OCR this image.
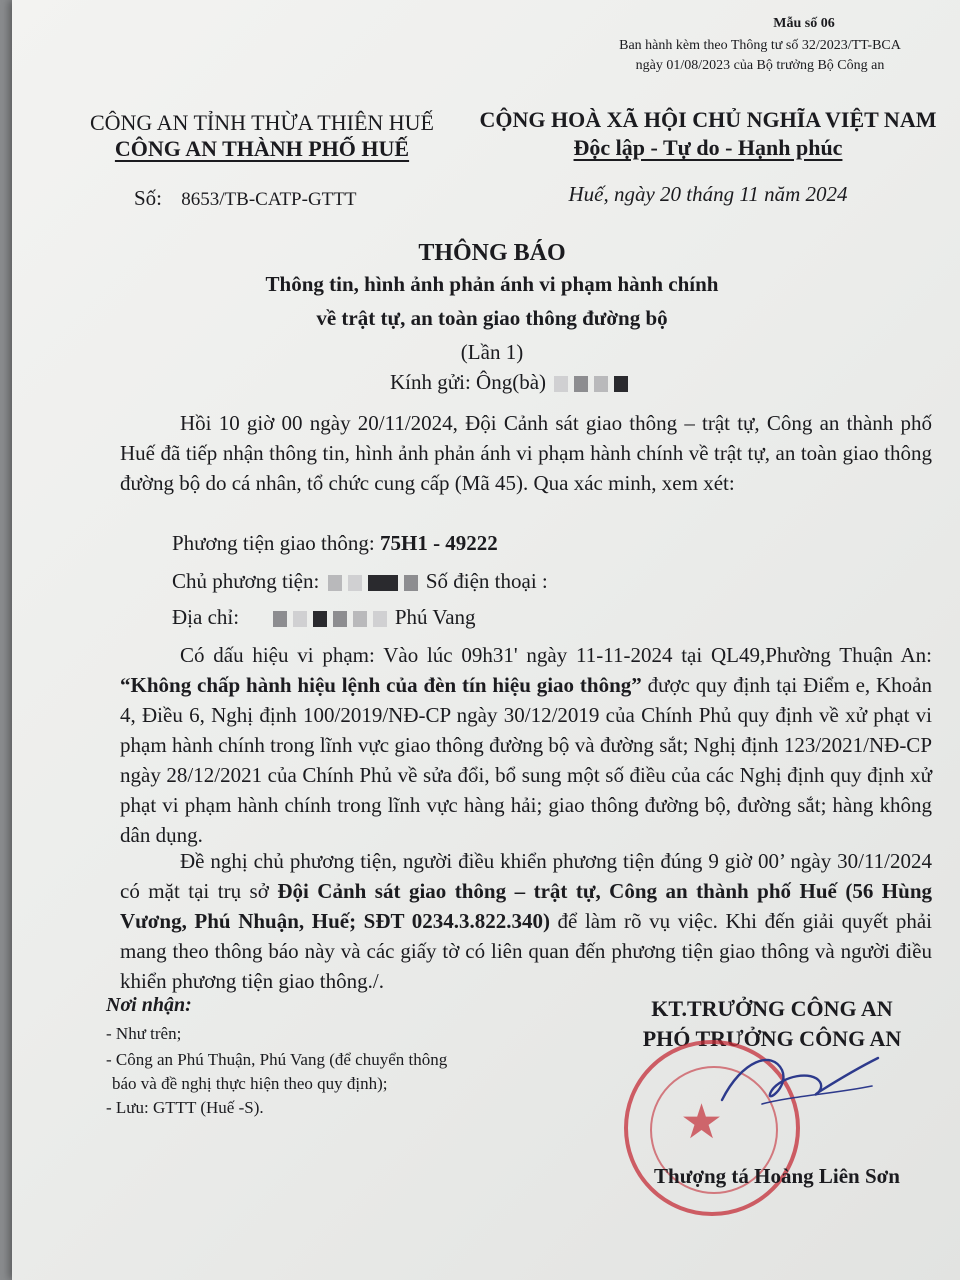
Mẫu số 06
Ban hành kèm theo Thông tư số 32/2023/TT-BCA
ngày 01/08/2023 của Bộ trưởng Bộ Công an
CÔNG AN TỈNH THỪA THIÊN HUẾ
CÔNG AN THÀNH PHỐ HUẾ
Số: 8653/TB-CATP-GTTT
CỘNG HOÀ XÃ HỘI CHỦ NGHĨA VIỆT NAM
Độc lập - Tự do - Hạnh phúc
Huế, ngày 20 tháng 11 năm 2024
THÔNG BÁO
Thông tin, hình ảnh phản ánh vi phạm hành chính
về trật tự, an toàn giao thông đường bộ
(Lần 1)
Kính gửi: Ông(bà)
Hồi 10 giờ 00 ngày 20/11/2024, Đội Cảnh sát giao thông – trật tự, Công an thành phố Huế đã tiếp nhận thông tin, hình ảnh phản ánh vi phạm hành chính về trật tự, an toàn giao thông đường bộ do cá nhân, tổ chức cung cấp (Mã 45). Qua xác minh, xem xét:
Phương tiện giao thông: 75H1 - 49222
Chủ phương tiện:	Số điện thoại :
Địa chỉ:	Phú Vang
Có dấu hiệu vi phạm: Vào lúc 09h31' ngày 11-11-2024 tại QL49,Phường Thuận An: “Không chấp hành hiệu lệnh của đèn tín hiệu giao thông” được quy định tại Điểm e, Khoản 4, Điều 6, Nghị định 100/2019/NĐ-CP ngày 30/12/2019 của Chính Phủ quy định về xử phạt vi phạm hành chính trong lĩnh vực giao thông đường bộ và đường sắt; Nghị định 123/2021/NĐ-CP ngày 28/12/2021 của Chính Phủ về sửa đổi, bổ sung một số điều của các Nghị định quy định xử phạt vi phạm hành chính trong lĩnh vực hàng hải; giao thông đường bộ, đường sắt; hàng không dân dụng.
Đề nghị chủ phương tiện, người điều khiển phương tiện đúng 9 giờ 00’ ngày 30/11/2024 có mặt tại trụ sở Đội Cảnh sát giao thông – trật tự, Công an thành phố Huế (56 Hùng Vương, Phú Nhuận, Huế; SĐT 0234.3.822.340) để làm rõ vụ việc. Khi đến giải quyết phải mang theo thông báo này và các giấy tờ có liên quan đến phương tiện giao thông và người điều khiển phương tiện giao thông./.
Nơi nhận:
- Như trên;
- Công an Phú Thuận, Phú Vang (để chuyển thông
báo và đề nghị thực hiện theo quy định);
- Lưu: GTTT (Huế -S).
KT.TRƯỞNG CÔNG AN
PHÓ TRƯỞNG CÔNG AN
★
Thượng tá Hoàng Liên Sơn
